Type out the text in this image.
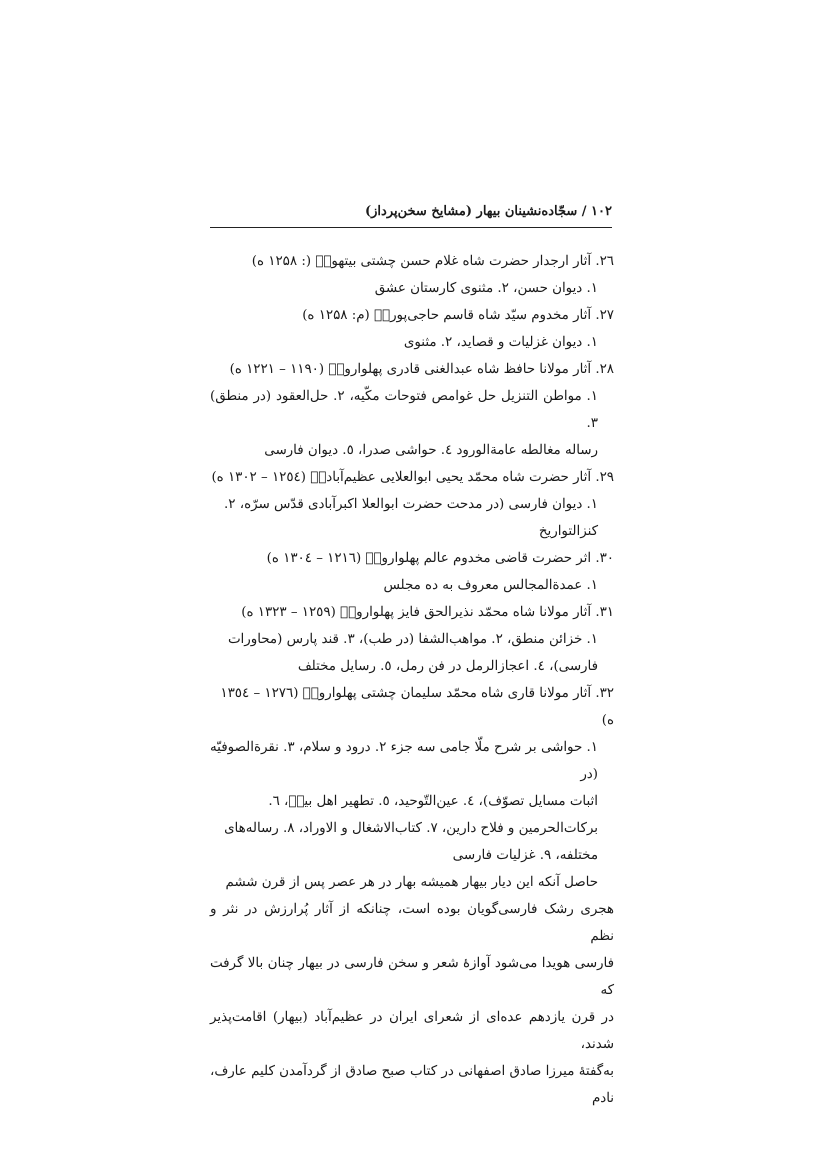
۱۰۲ / سجّاده‌نشینان بیهار (مشایخ سخن‌پرداز)
۲٦. آثار ارجدار حضرت شاه غلام حسن چشتی بیتهویؒ (: ۱۲۵۸ ه)
۱. دیوان حسن، ۲. مثنوی کارستان عشق
۲۷. آثار مخدوم سیّد شاه قاسم حاجی‌پوریؒ (م: ۱۲۵۸ ه)
۱. دیوان غزلیات و قصاید، ۲. مثنوی
۲۸. آثار مولانا حافظ شاه عبدالغنی قادری پهلوارویؒ (۱۱۹۰ – ۱۲۲۱ ه)
۱. مواطن التنزیل حل غوامص فتوحات مکّیه، ۲. حل‌العقود (در منطق) ۳.
رساله مغالطه عامة‌الورود ٤. حواشی صدرا، ٥. دیوان فارسی
۲۹. آثار حضرت شاه محمّد یحیی ابوالعلایی عظیم‌آبادیؒ (۱۲٥٤ – ۱۳۰۲ ه)
۱. دیوان فارسی (در مدحت حضرت ابوالعلا اکبرآبادی قدّس سرّه، ۲.
کنزالتواریخ
۳۰. اثر حضرت قاضی مخدوم عالم پهلوارویؒ (۱۲۱٦ – ۱۳۰٤ ه)
۱. عمدةالمجالس معروف به ده مجلس
۳۱. آثار مولانا شاه محمّد نذیرالحق فایز پهلوارویؒ (۱۲٥۹ – ۱۳۲۳ ه)
۱. خزائن منطق، ۲. مواهب‌الشفا (در طب)، ۳. قند پارس (محاورات
فارسی)، ٤. اعجازالرمل در فن رمل، ٥. رسایل مختلف
۳۲. آثار مولانا قاری شاه محمّد سلیمان چشتی پهلوارویؒ (۱۲۷٦ – ۱۳٥٤ ه)
۱. حواشی بر شرح ملّا جامی سه جزء ۲. درود و سلام، ۳. نقرةالصوفیّه (در
اثبات مسایل تصوّف)، ٤. عین‌التّوحید، ٥. تطهیر اهل بیتؑ، ٦.
برکات‌الحرمین و فلاح دارین، ۷. کتاب‌الاشغال و الاوراد، ۸. رساله‌های
مختلفه، ۹. غزلیات فارسی
حاصل آنکه این دیار بیهار همیشه بهار در هر عصر پس از قرن ششم
هجری رشک فارسی‌گویان بوده است، چنانکه از آثار پُرارزش در نثر و نظم
فارسی هویدا می‌شود آوازهٔ شعر و سخن فارسی در بیهار چنان بالا گرفت که
در قرن یازدهم عده‌ای از شعرای ایران در عظیم‌آباد (بیهار) اقامت‌پذیر شدند،
به‌گفتهٔ میرزا صادق اصفهانی در کتاب صبح صادق از گردآمدن کلیم عارف، نادم
